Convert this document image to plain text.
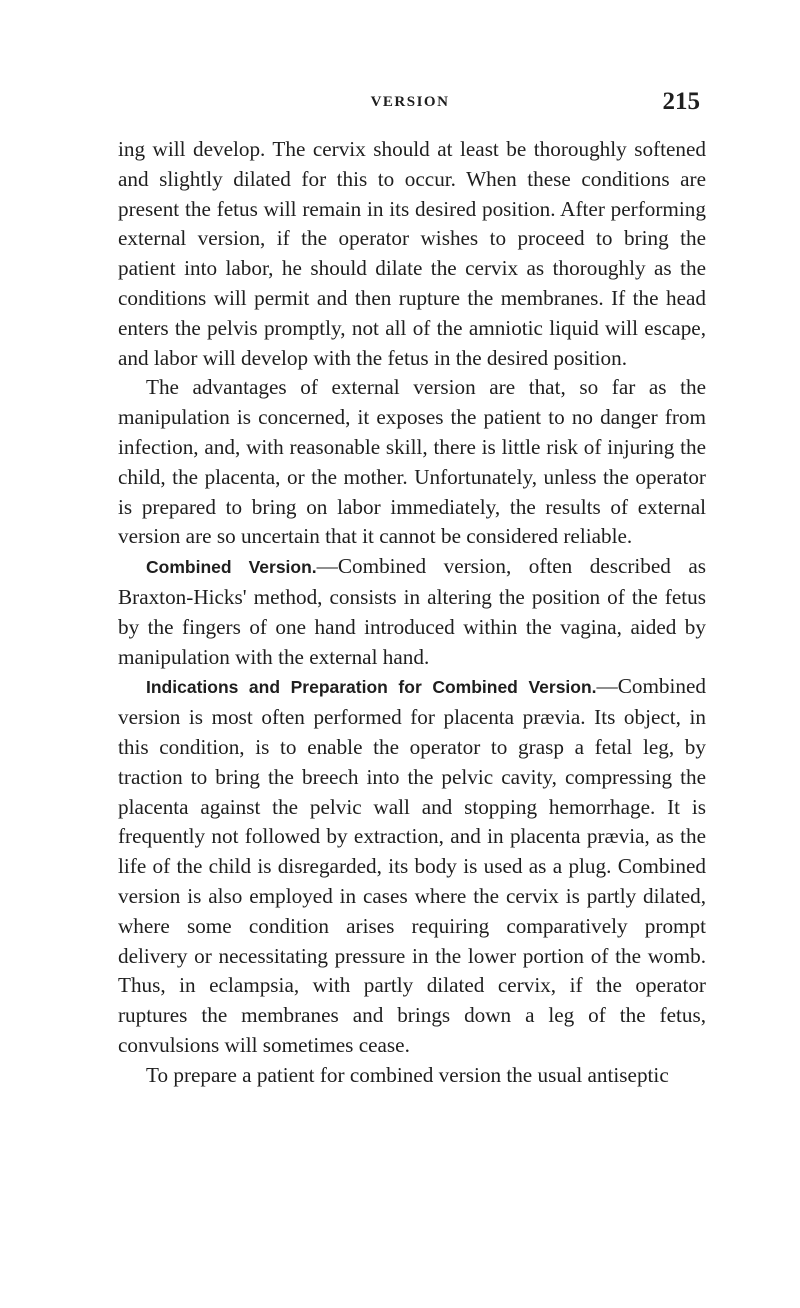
VERSION	215

ing will develop. The cervix should at least be thoroughly softened and slightly dilated for this to occur. When these conditions are present the fetus will remain in its desired position. After performing external version, if the operator wishes to proceed to bring the patient into labor, he should dilate the cervix as thoroughly as the conditions will permit and then rupture the membranes. If the head enters the pelvis promptly, not all of the amniotic liquid will escape, and labor will develop with the fetus in the desired position.

The advantages of external version are that, so far as the manipulation is concerned, it exposes the patient to no danger from infection, and, with reasonable skill, there is little risk of injuring the child, the placenta, or the mother. Unfortunately, unless the operator is prepared to bring on labor immediately, the results of external version are so uncertain that it cannot be considered reliable.

Combined Version.—Combined version, often described as Braxton-Hicks' method, consists in altering the position of the fetus by the fingers of one hand introduced within the vagina, aided by manipulation with the external hand.

Indications and Preparation for Combined Version.—Combined version is most often performed for placenta prævia. Its object, in this condition, is to enable the operator to grasp a fetal leg, by traction to bring the breech into the pelvic cavity, compressing the placenta against the pelvic wall and stopping hemorrhage. It is frequently not followed by extraction, and in placenta prævia, as the life of the child is disregarded, its body is used as a plug. Combined version is also employed in cases where the cervix is partly dilated, where some condition arises requiring comparatively prompt delivery or necessitating pressure in the lower portion of the womb. Thus, in eclampsia, with partly dilated cervix, if the operator ruptures the membranes and brings down a leg of the fetus, convulsions will sometimes cease.

To prepare a patient for combined version the usual antiseptic
